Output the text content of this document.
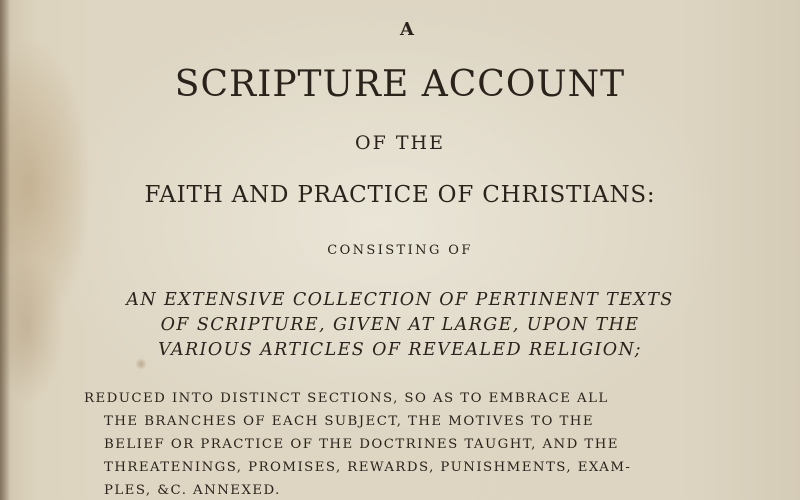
A

SCRIPTURE ACCOUNT

OF THE

FAITH AND PRACTICE OF CHRISTIANS:

CONSISTING OF

AN EXTENSIVE COLLECTION OF PERTINENT TEXTS

OF SCRIPTURE, GIVEN AT LARGE, UPON THE

VARIOUS ARTICLES OF REVEALED RELIGION;

REDUCED INTO DISTINCT SECTIONS, SO AS TO EMBRACE ALL

THE BRANCHES OF EACH SUBJECT, THE MOTIVES TO THE

BELIEF OR PRACTICE OF THE DOCTRINES TAUGHT, AND THE

THREATENINGS, PROMISES, REWARDS, PUNISHMENTS, EXAM-

PLES, &C. ANNEXED.
